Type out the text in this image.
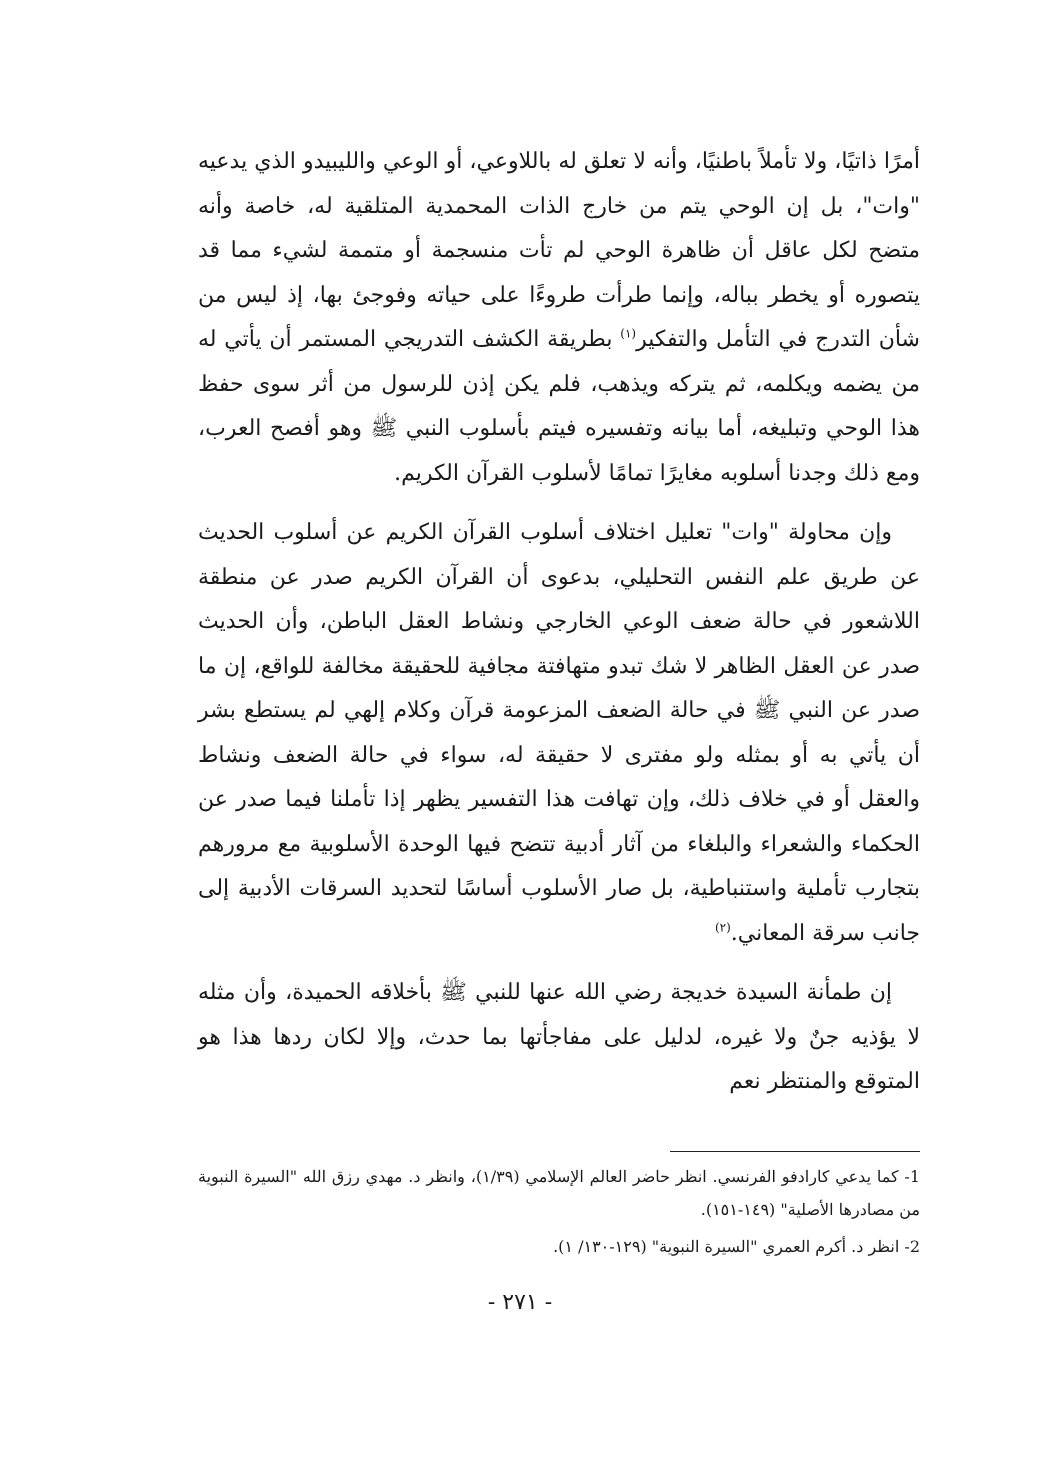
أمرًا ذاتيًا، ولا تأملاً باطنيًا، وأنه لا تعلق له باللاوعي، أو الوعي والليبيدو الذي يدعيه "وات"، بل إن الوحي يتم من خارج الذات المحمدية المتلقية له، خاصة وأنه متضح لكل عاقل أن ظاهرة الوحي لم تأت منسجمة أو متممة لشيء مما قد يتصوره أو يخطر بباله، وإنما طرأت طروءًا على حياته وفوجئ بها، إذ ليس من شأن التدرج في التأمل والتفكير$^{(١)}$ بطريقة الكشف التدريجي المستمر أن يأتي له من يضمه ويكلمه، ثم يتركه ويذهب، فلم يكن إذن للرسول من أثر سوى حفظ هذا الوحي وتبليغه، أما بيانه وتفسيره فيتم بأسلوب النبي ﷺ وهو أفصح العرب، ومع ذلك وجدنا أسلوبه مغايرًا تمامًا لأسلوب القرآن الكريم.

وإن محاولة "وات" تعليل اختلاف أسلوب القرآن الكريم عن أسلوب الحديث عن طريق علم النفس التحليلي، بدعوى أن القرآن الكريم صدر عن منطقة اللاشعور في حالة ضعف الوعي الخارجي ونشاط العقل الباطن، وأن الحديث صدر عن العقل الظاهر لا شك تبدو متهافتة مجافية للحقيقة مخالفة للواقع، إن ما صدر عن النبي ﷺ في حالة الضعف المزعومة قرآن وكلام إلهي لم يستطع بشر أن يأتي به أو بمثله ولو مفترى لا حقيقة له، سواء في حالة الضعف ونشاط والعقل أو في خلاف ذلك، وإن تهافت هذا التفسير يظهر إذا تأملنا فيما صدر عن الحكماء والشعراء والبلغاء من آثار أدبية تتضح فيها الوحدة الأسلوبية مع مرورهم بتجارب تأملية واستنباطية، بل صار الأسلوب أساسًا لتحديد السرقات الأدبية إلى جانب سرقة المعاني.$^{(٢)}$

إن طمأنة السيدة خديجة رضي الله عنها للنبي ﷺ بأخلاقه الحميدة، وأن مثله لا يؤذيه جنٌ ولا غيره، لدليل على مفاجأتها بما حدث، وإلا لكان ردها هذا هو المتوقع والمنتظر نعم

1- كما يدعي كارادفو الفرنسي. انظر حاضر العالم الإسلامي (١/٣٩)، وانظر د. مهدي رزق الله "السيرة النبوية من مصادرها الأصلية" (١٤٩-١٥١).
2- انظر د. أكرم العمري "السيرة النبوية" (١٢٩-١٣٠/ ١).
- ٢٧١ -
